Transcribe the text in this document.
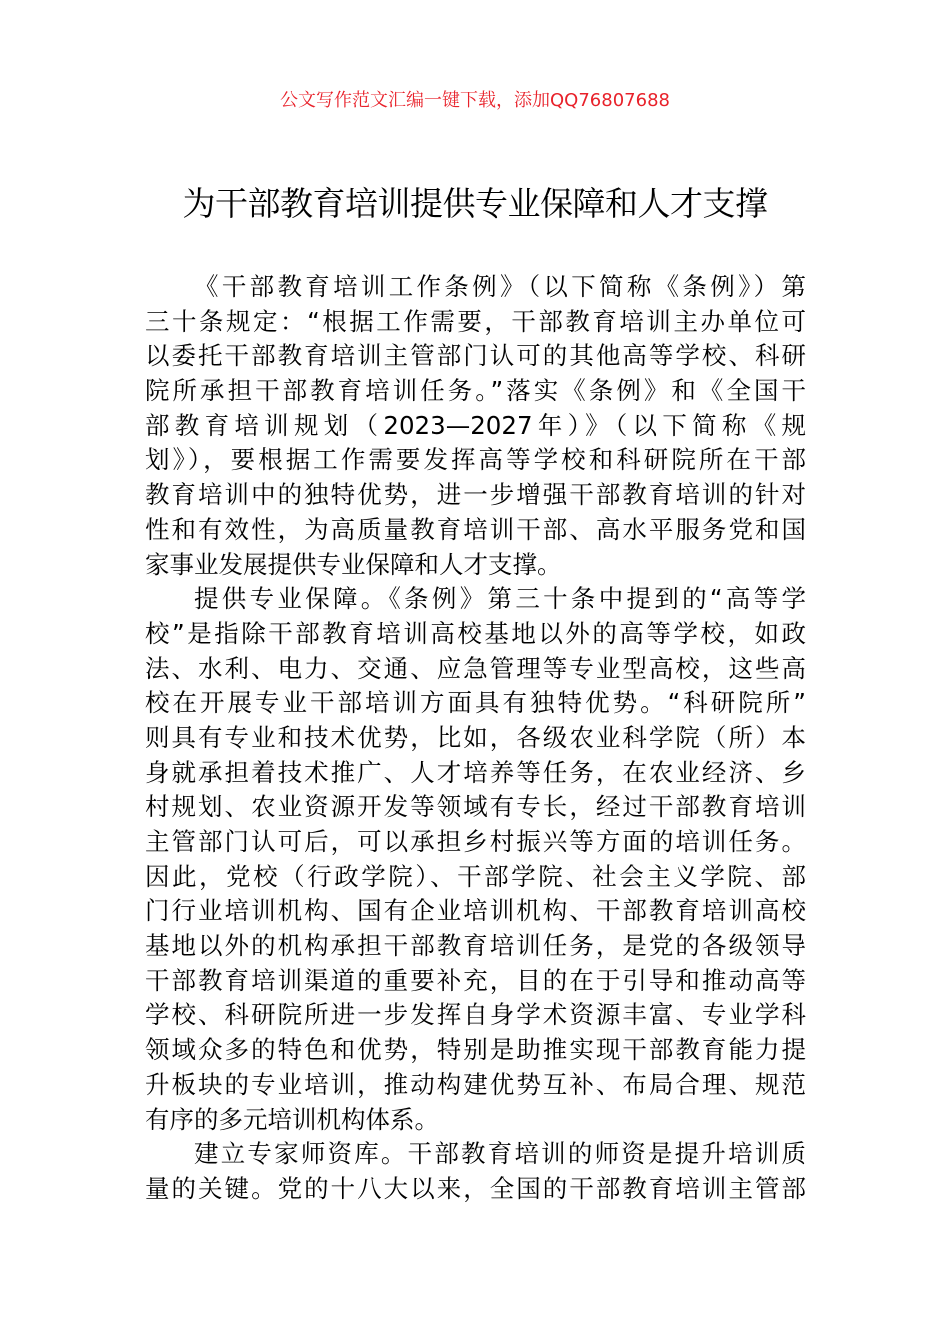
公文写作范文汇编一键下载，添加QQ76807688
为干部教育培训提供专业保障和人才支撑
《干部教育培训工作条例》（以下简称《条例》）第
三十条规定：“根据工作需要，干部教育培训主办单位可
以委托干部教育培训主管部门认可的其他高等学校、科研
院所承担干部教育培训任务。”落实《条例》和《全国干
部教育培训规划（2023—2027年）》（以下简称《规
划》），要根据工作需要发挥高等学校和科研院所在干部
教育培训中的独特优势，进一步增强干部教育培训的针对
性和有效性，为高质量教育培训干部、高水平服务党和国
家事业发展提供专业保障和人才支撑。
提供专业保障。《条例》第三十条中提到的“高等学
校”是指除干部教育培训高校基地以外的高等学校，如政
法、水利、电力、交通、应急管理等专业型高校，这些高
校在开展专业干部培训方面具有独特优势。“科研院所”
则具有专业和技术优势，比如，各级农业科学院（所）本
身就承担着技术推广、人才培养等任务，在农业经济、乡
村规划、农业资源开发等领域有专长，经过干部教育培训
主管部门认可后，可以承担乡村振兴等方面的培训任务。
因此，党校（行政学院）、干部学院、社会主义学院、部
门行业培训机构、国有企业培训机构、干部教育培训高校
基地以外的机构承担干部教育培训任务，是党的各级领导
干部教育培训渠道的重要补充，目的在于引导和推动高等
学校、科研院所进一步发挥自身学术资源丰富、专业学科
领域众多的特色和优势，特别是助推实现干部教育能力提
升板块的专业培训，推动构建优势互补、布局合理、规范
有序的多元培训机构体系。
建立专家师资库。干部教育培训的师资是提升培训质
量的关键。党的十八大以来，全国的干部教育培训主管部
